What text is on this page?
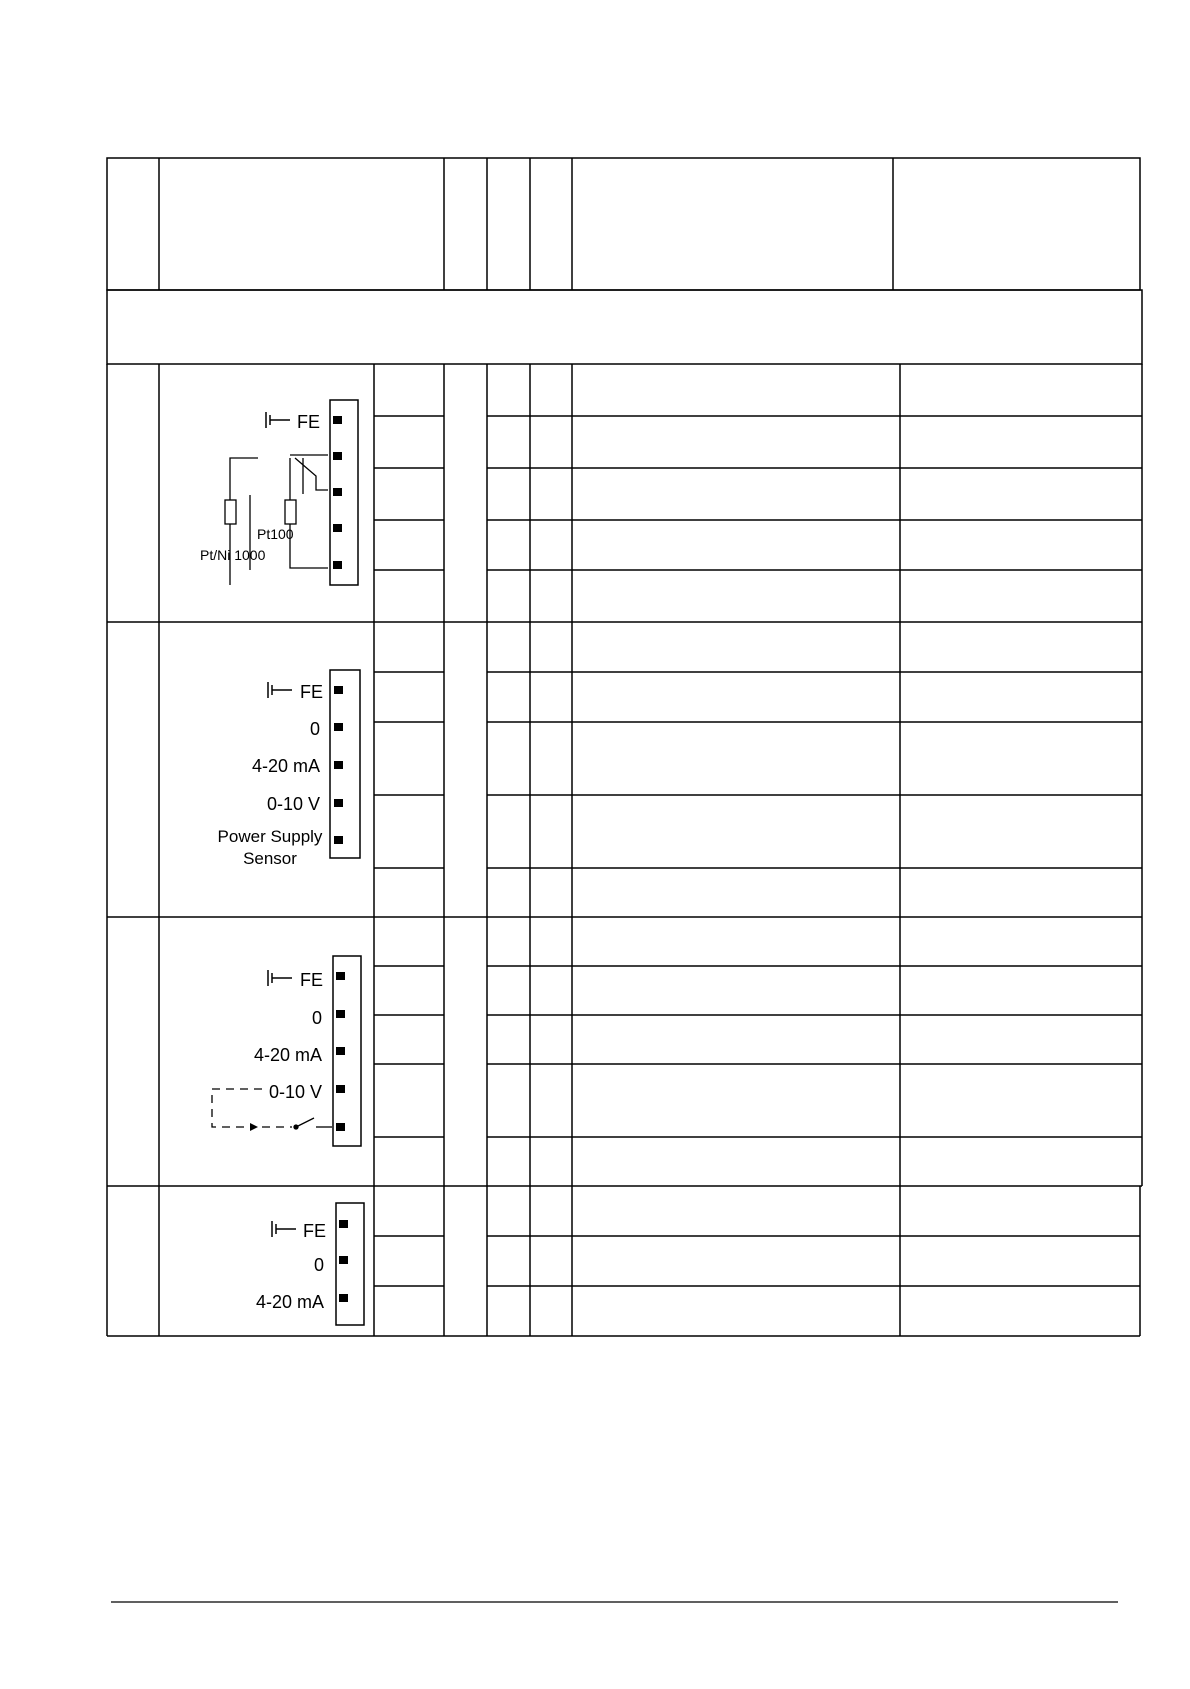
FE
Pt/Ni 1000
Pt100
FE
0
4-20 mA
0-10 V
Power Supply
Sensor
FE
0
4-20 mA
0-10 V
FE
0
4-20 mA
